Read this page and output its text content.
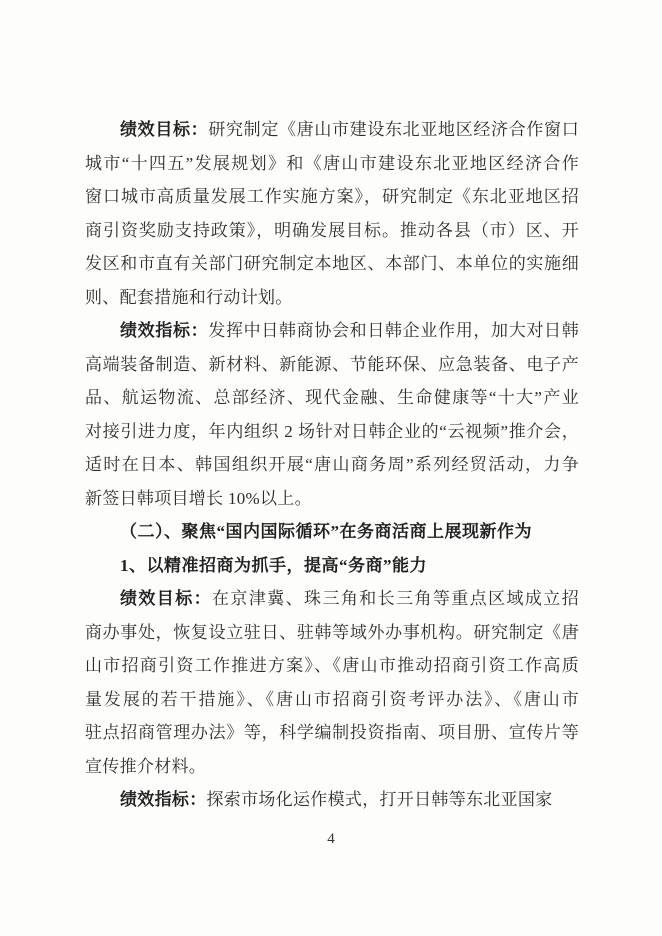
绩效目标：研究制定《唐山市建设东北亚地区经济合作窗口
城市“十四五”发展规划》和《唐山市建设东北亚地区经济合作
窗口城市高质量发展工作实施方案》，研究制定《东北亚地区招
商引资奖励支持政策》，明确发展目标。推动各县（市）区、开
发区和市直有关部门研究制定本地区、本部门、本单位的实施细
则、配套措施和行动计划。
绩效指标：发挥中日韩商协会和日韩企业作用，加大对日韩
高端装备制造、新材料、新能源、节能环保、应急装备、电子产
品、航运物流、总部经济、现代金融、生命健康等“十大”产业
对接引进力度，年内组织 2 场针对日韩企业的“云视频”推介会，
适时在日本、韩国组织开展“唐山商务周”系列经贸活动，力争
新签日韩项目增长 10%以上。
（二）、聚焦“国内国际循环”在务商活商上展现新作为
1、以精准招商为抓手，提高“务商”能力
绩效目标：在京津冀、珠三角和长三角等重点区域成立招
商办事处，恢复设立驻日、驻韩等域外办事机构。研究制定《唐
山市招商引资工作推进方案》、《唐山市推动招商引资工作高质
量发展的若干措施》、《唐山市招商引资考评办法》、《唐山市
驻点招商管理办法》等，科学编制投资指南、项目册、宣传片等
宣传推介材料。
绩效指标：探索市场化运作模式，打开日韩等东北亚国家
4
